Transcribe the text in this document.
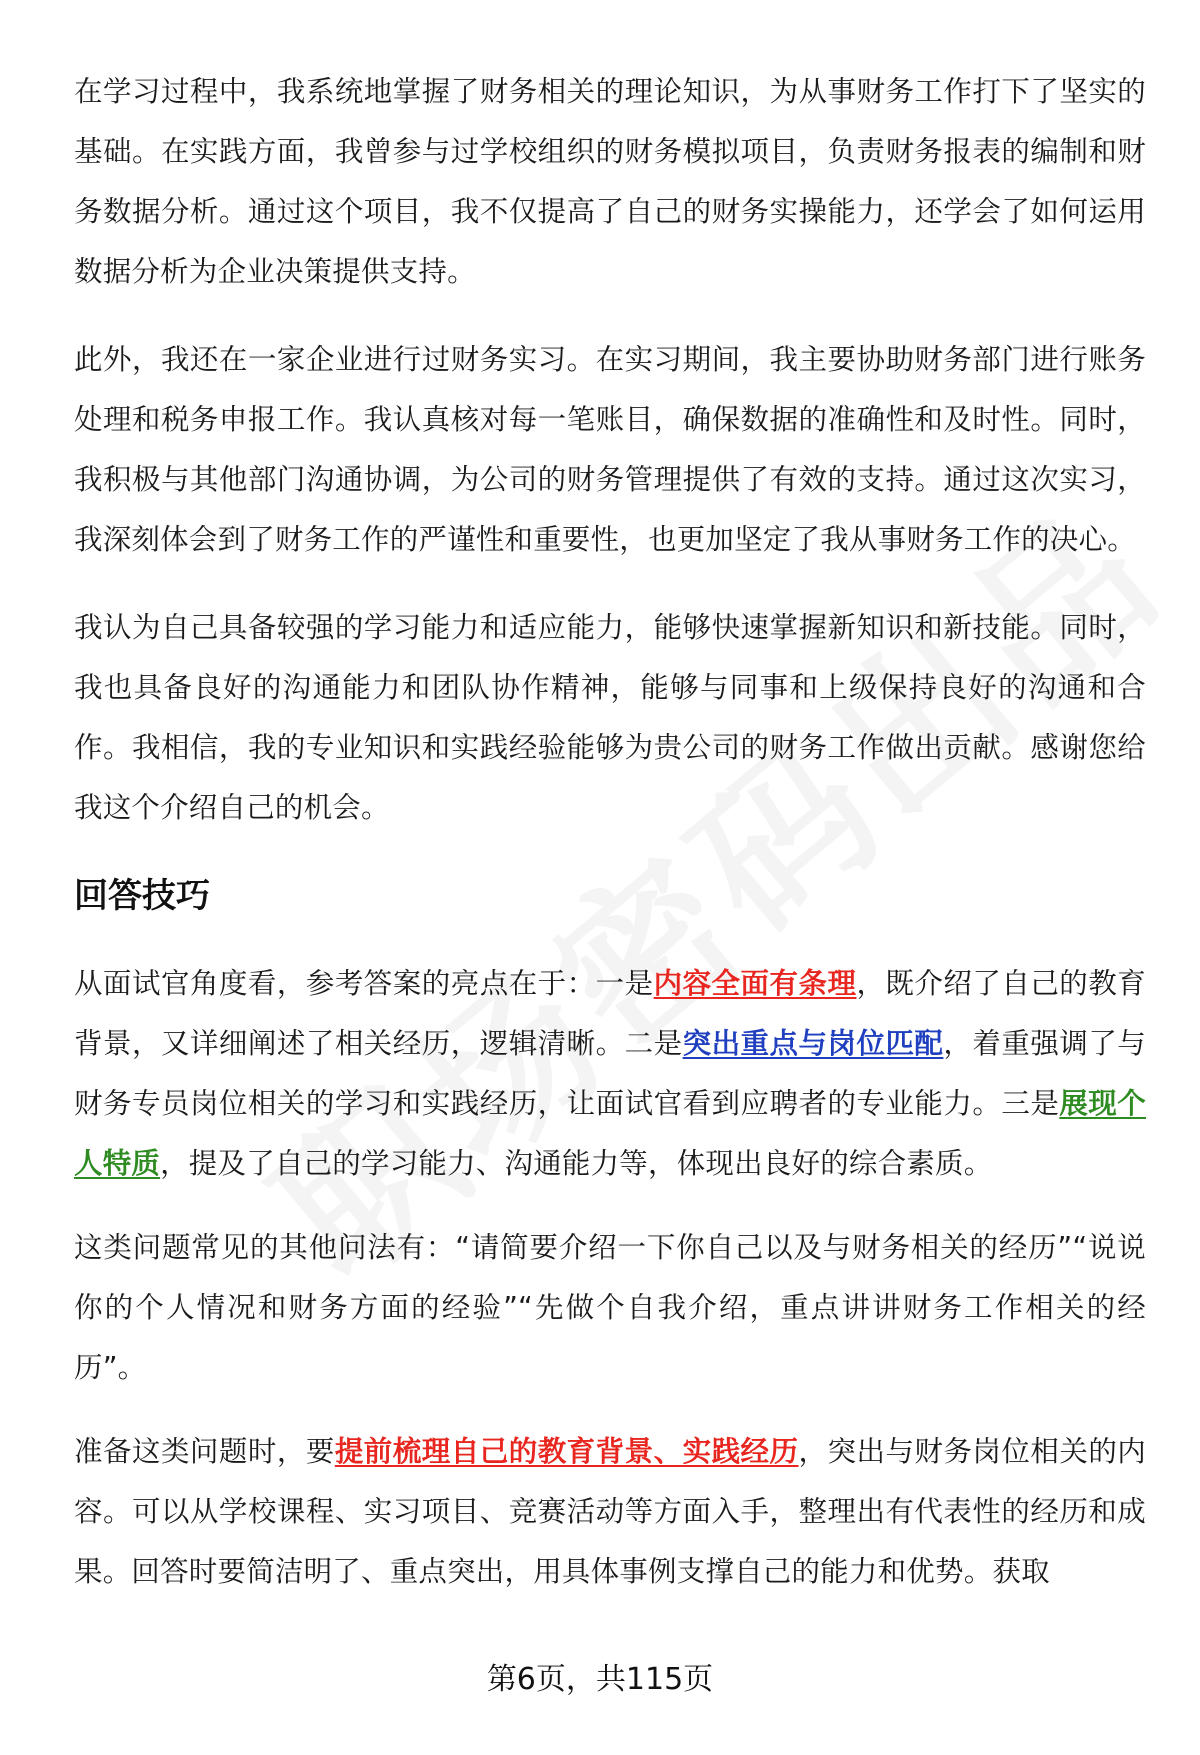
在学习过程中，我系统地掌握了财务相关的理论知识，为从事财务工作打下了坚实的基础。在实践方面，我曾参与过学校组织的财务模拟项目，负责财务报表的编制和财务数据分析。通过这个项目，我不仅提高了自己的财务实操能力，还学会了如何运用数据分析为企业决策提供支持。

此外，我还在一家企业进行过财务实习。在实习期间，我主要协助财务部门进行账务处理和税务申报工作。我认真核对每一笔账目，确保数据的准确性和及时性。同时，我积极与其他部门沟通协调，为公司的财务管理提供了有效的支持。通过这次实习，我深刻体会到了财务工作的严谨性和重要性，也更加坚定了我从事财务工作的决心。

我认为自己具备较强的学习能力和适应能力，能够快速掌握新知识和新技能。同时，我也具备良好的沟通能力和团队协作精神，能够与同事和上级保持良好的沟通和合作。我相信，我的专业知识和实践经验能够为贵公司的财务工作做出贡献。感谢您给我这个介绍自己的机会。

回答技巧

从面试官角度看，参考答案的亮点在于：一是内容全面有条理，既介绍了自己的教育背景，又详细阐述了相关经历，逻辑清晰。二是突出重点与岗位匹配，着重强调了与财务专员岗位相关的学习和实践经历，让面试官看到应聘者的专业能力。三是展现个人特质，提及了自己的学习能力、沟通能力等，体现出良好的综合素质。

这类问题常见的其他问法有：“请简要介绍一下你自己以及与财务相关的经历”“说说你的个人情况和财务方面的经验”“先做个自我介绍，重点讲讲财务工作相关的经历”。

准备这类问题时，要提前梳理自己的教育背景、实践经历，突出与财务岗位相关的内容。可以从学校课程、实习项目、竞赛活动等方面入手，整理出有代表性的经历和成果。回答时要简洁明了、重点突出，用具体事例支撑自己的能力和优势。获取

第6页，共115页
